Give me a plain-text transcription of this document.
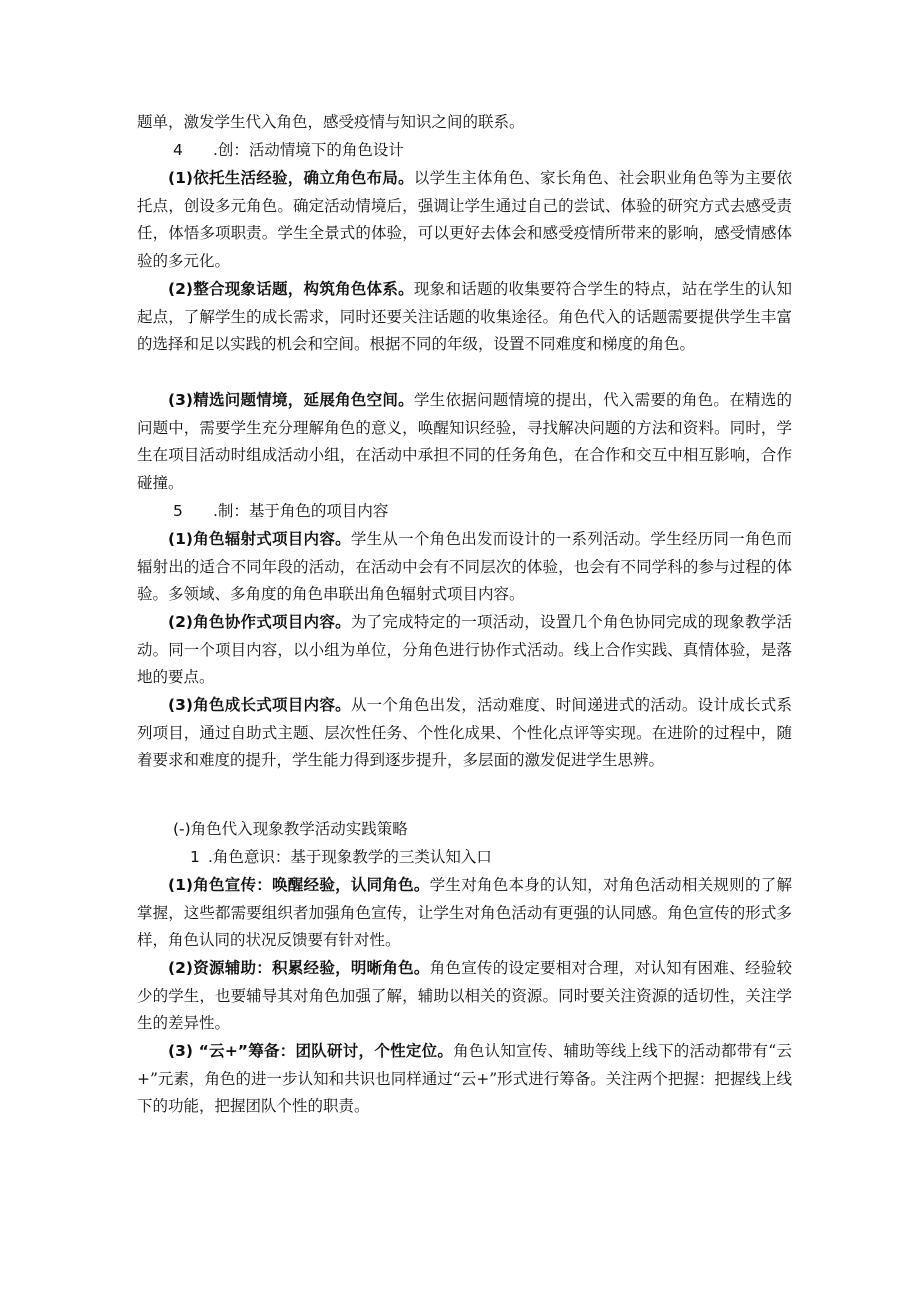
题单，激发学生代入角色，感受疫情与知识之间的联系。

4 .创：活动情境下的角色设计

(1)依托生活经验，确立角色布局。以学生主体角色、家长角色、社会职业角色等为主要依托点，创设多元角色。确定活动情境后，强调让学生通过自己的尝试、体验的研究方式去感受责任，体悟多项职责。学生全景式的体验，可以更好去体会和感受疫情所带来的影响，感受情感体验的多元化。

(2)整合现象话题，构筑角色体系。现象和话题的收集要符合学生的特点，站在学生的认知起点，了解学生的成长需求，同时还要关注话题的收集途径。角色代入的话题需要提供学生丰富的选择和足以实践的机会和空间。根据不同的年级，设置不同难度和梯度的角色。

(3)精选问题情境，延展角色空间。学生依据问题情境的提出，代入需要的角色。在精选的问题中，需要学生充分理解角色的意义，唤醒知识经验，寻找解决问题的方法和资料。同时，学生在项目活动时组成活动小组，在活动中承担不同的任务角色，在合作和交互中相互影响，合作碰撞。

5 .制：基于角色的项目内容

(1)角色辐射式项目内容。学生从一个角色出发而设计的一系列活动。学生经历同一角色而辐射出的适合不同年段的活动，在活动中会有不同层次的体验，也会有不同学科的参与过程的体验。多领域、多角度的角色串联出角色辐射式项目内容。

(2)角色协作式项目内容。为了完成特定的一项活动，设置几个角色协同完成的现象教学活动。同一个项目内容，以小组为单位，分角色进行协作式活动。线上合作实践、真情体验，是落地的要点。

(3)角色成长式项目内容。从一个角色出发，活动难度、时间递进式的活动。设计成长式系列项目，通过自助式主题、层次性任务、个性化成果、个性化点评等实现。在进阶的过程中，随着要求和难度的提升，学生能力得到逐步提升，多层面的激发促进学生思辨。

(-)角色代入现象教学活动实践策略

1 .角色意识：基于现象教学的三类认知入口

(1)角色宣传：唤醒经验，认同角色。学生对角色本身的认知，对角色活动相关规则的了解掌握，这些都需要组织者加强角色宣传，让学生对角色活动有更强的认同感。角色宣传的形式多样，角色认同的状况反馈要有针对性。

(2)资源辅助：积累经验，明晰角色。角色宣传的设定要相对合理，对认知有困难、经验较少的学生，也要辅导其对角色加强了解，辅助以相关的资源。同时要关注资源的适切性，关注学生的差异性。

(3) “云+”筹备：团队研讨，个性定位。角色认知宣传、辅助等线上线下的活动都带有“云+”元素，角色的进一步认知和共识也同样通过“云+”形式进行筹备。关注两个把握：把握线上线下的功能，把握团队个性的职责。
